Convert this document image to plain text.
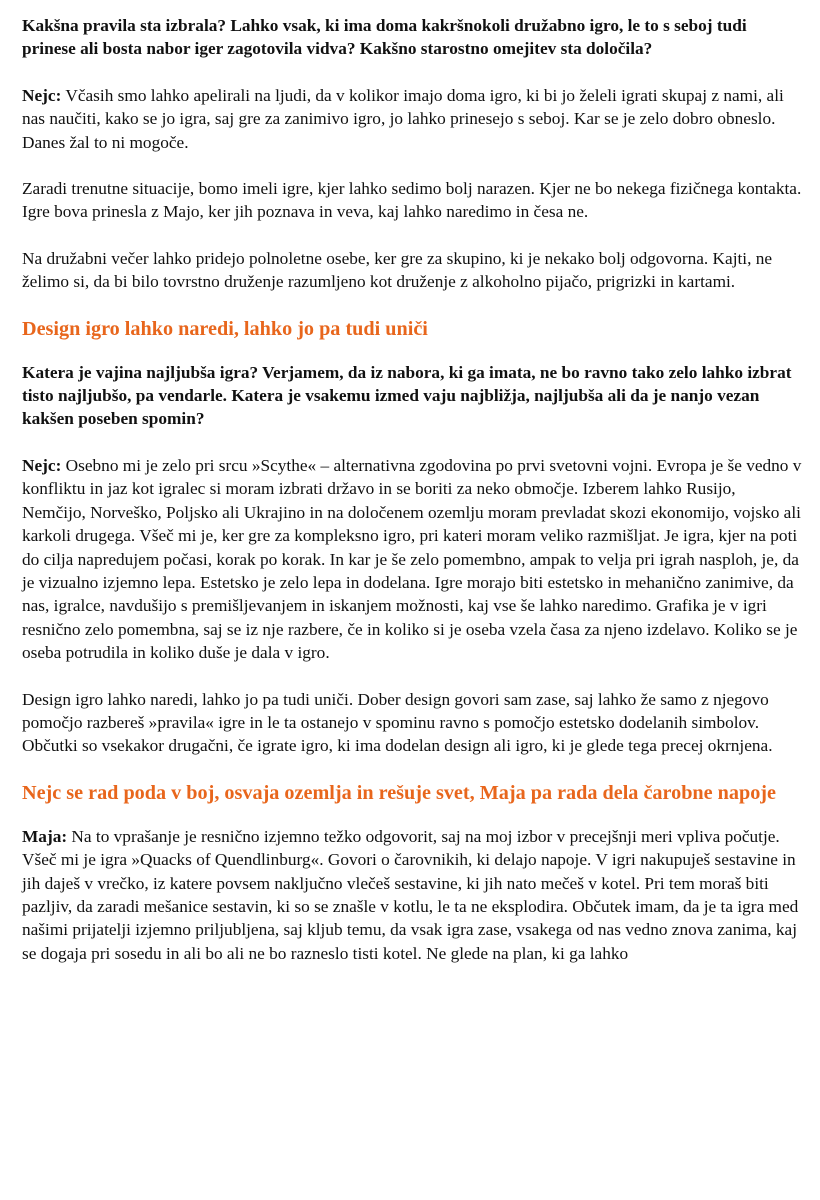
Kakšna pravila sta izbrala? Lahko vsak, ki ima doma kakršnokoli družabno igro, le to s seboj tudi prinese ali bosta nabor iger zagotovila vidva? Kakšno starostno omejitev sta določila?

Nejc: Včasih smo lahko apelirali na ljudi, da v kolikor imajo doma igro, ki bi jo želeli igrati skupaj z nami, ali nas naučiti, kako se jo igra, saj gre za zanimivo igro, jo lahko prinesejo s seboj. Kar se je zelo dobro obneslo. Danes žal to ni mogoče.

Zaradi trenutne situacije, bomo imeli igre, kjer lahko sedimo bolj narazen. Kjer ne bo nekega fizičnega kontakta. Igre bova prinesla z Majo, ker jih poznava in veva, kaj lahko naredimo in česa ne.

Na družabni večer lahko pridejo polnoletne osebe, ker gre za skupino, ki je nekako bolj odgovorna. Kajti, ne želimo si, da bi bilo tovrstno druženje razumljeno kot druženje z alkoholno pijačo, prigrizki in kartami.

Design igro lahko naredi, lahko jo pa tudi uniči

Katera je vajina najljubša igra? Verjamem, da iz nabora, ki ga imata, ne bo ravno tako zelo lahko izbrat tisto najljubšo, pa vendarle. Katera je vsakemu izmed vaju najbližja, najljubša ali da je nanjo vezan kakšen poseben spomin?

Nejc: Osebno mi je zelo pri srcu »Scythe« – alternativna zgodovina po prvi svetovni vojni. Evropa je še vedno v konfliktu in jaz kot igralec si moram izbrati državo in se boriti za neko območje. Izberem lahko Rusijo, Nemčijo, Norveško, Poljsko ali Ukrajino in na določenem ozemlju moram prevladat skozi ekonomijo, vojsko ali karkoli drugega. Všeč mi je, ker gre za kompleksno igro, pri kateri moram veliko razmišljat. Je igra, kjer na poti do cilja napredujem počasi, korak po korak. In kar je še zelo pomembno, ampak to velja pri igrah nasploh, je, da je vizualno izjemno lepa. Estetsko je zelo lepa in dodelana. Igre morajo biti estetsko in mehanično zanimive, da nas, igralce, navdušijo s premišljevanjem in iskanjem možnosti, kaj vse še lahko naredimo. Grafika je v igri resnično zelo pomembna, saj se iz nje razbere, če in koliko si je oseba vzela časa za njeno izdelavo. Koliko se je oseba potrudila in koliko duše je dala v igro.

Design igro lahko naredi, lahko jo pa tudi uniči. Dober design govori sam zase, saj lahko že samo z njegovo pomočjo razbereš »pravila« igre in le ta ostanejo v spominu ravno s pomočjo estetsko dodelanih simbolov. Občutki so vsekakor drugačni, če igrate igro, ki ima dodelan design ali igro, ki je glede tega precej okrnjena.

Nejc se rad poda v boj, osvaja ozemlja in rešuje svet, Maja pa rada dela čarobne napoje

Maja: Na to vprašanje je resnično izjemno težko odgovorit, saj na moj izbor v precejšnji meri vpliva počutje. Všeč mi je igra »Quacks of Quendlinburg«. Govori o čarovnikih, ki delajo napoje. V igri nakupuješ sestavine in jih daješ v vrečko, iz katere povsem naključno vlečeš sestavine, ki jih nato mečeš v kotel. Pri tem moraš biti pazljiv, da zaradi mešanice sestavin, ki so se znašle v kotlu, le ta ne eksplodira. Občutek imam, da je ta igra med našimi prijatelji izjemno priljubljena, saj kljub temu, da vsak igra zase, vsakega od nas vedno znova zanima, kaj se dogaja pri sosedu in ali bo ali ne bo razneslo tisti kotel. Ne glede na plan, ki ga lahko
